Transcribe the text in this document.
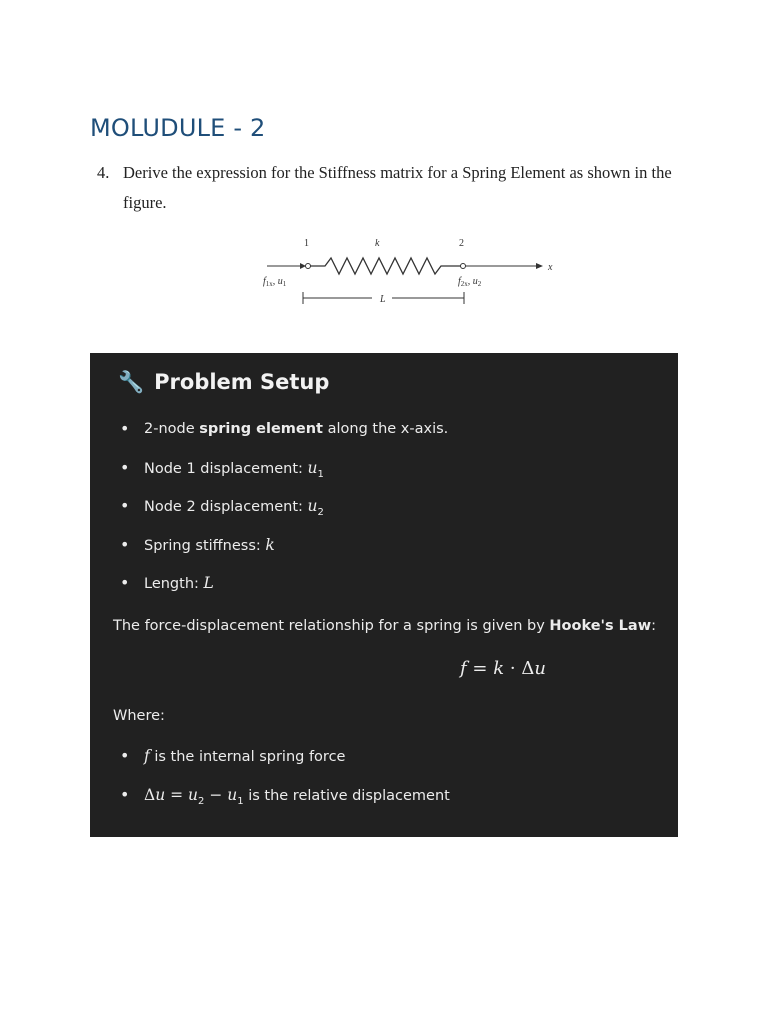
MOLUDULE - 2
4. Derive the expression for the Stiffness matrix for a Spring Element as shown in the
figure.
1	k	2
x
$f_{1x}$, $u_1$	$f_{2x}$, $u_2$
L
🔧 Problem Setup
• 2-node spring element along the x-axis.
• Node 1 displacement: $u_1$
• Node 2 displacement: $u_2$
• Spring stiffness: k
• Length: L
The force-displacement relationship for a spring is given by Hooke's Law:
f = k · Δu
Where:
• f is the internal spring force
• $\Delta u = u_2 - u_1$ is the relative displacement
